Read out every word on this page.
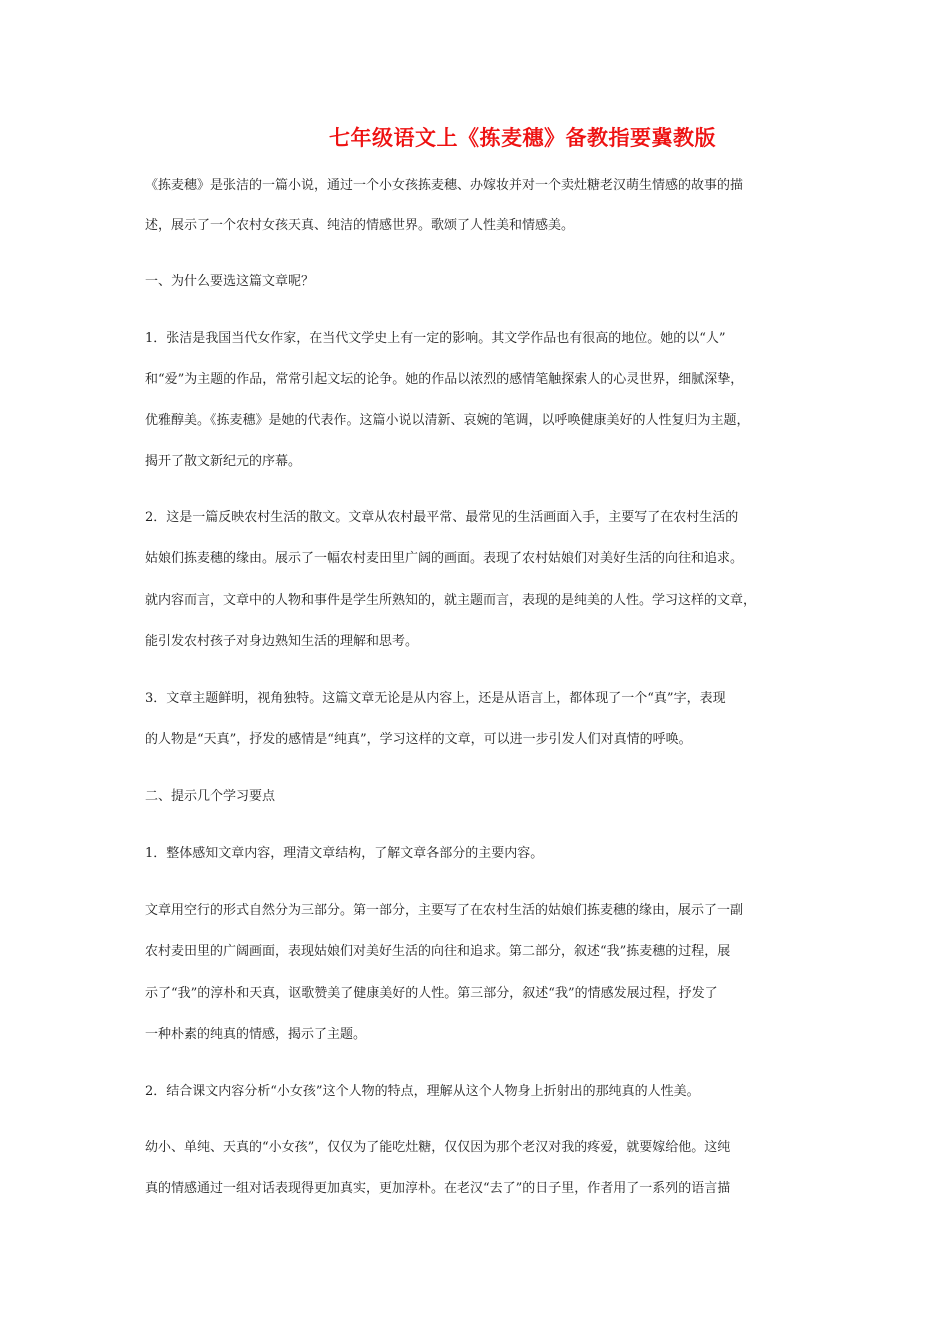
七年级语文上《拣麦穗》备教指要冀教版
《拣麦穗》是张洁的一篇小说，通过一个小女孩拣麦穗、办嫁妆并对一个卖灶糖老汉萌生情感的故事的描
述，展示了一个农村女孩天真、纯洁的情感世界。歌颂了人性美和情感美。
一、为什么要选这篇文章呢？
1．张洁是我国当代女作家，在当代文学史上有一定的影响。其文学作品也有很高的地位。她的以“人”
和“爱”为主题的作品，常常引起文坛的论争。她的作品以浓烈的感情笔触探索人的心灵世界，细腻深挚，
优雅醇美。《拣麦穗》是她的代表作。这篇小说以清新、哀婉的笔调，以呼唤健康美好的人性复归为主题，
揭开了散文新纪元的序幕。
2．这是一篇反映农村生活的散文。文章从农村最平常、最常见的生活画面入手，主要写了在农村生活的
姑娘们拣麦穗的缘由。展示了一幅农村麦田里广阔的画面。表现了农村姑娘们对美好生活的向往和追求。
就内容而言，文章中的人物和事件是学生所熟知的，就主题而言，表现的是纯美的人性。学习这样的文章，
能引发农村孩子对身边熟知生活的理解和思考。
3．文章主题鲜明，视角独特。这篇文章无论是从内容上，还是从语言上，都体现了一个“真”字，表现
的人物是“天真”，抒发的感情是“纯真”，学习这样的文章，可以进一步引发人们对真情的呼唤。
二、提示几个学习要点
1．整体感知文章内容，理清文章结构，了解文章各部分的主要内容。
文章用空行的形式自然分为三部分。第一部分，主要写了在农村生活的姑娘们拣麦穗的缘由，展示了一副
农村麦田里的广阔画面，表现姑娘们对美好生活的向往和追求。第二部分，叙述“我”拣麦穗的过程，展
示了“我”的淳朴和天真，讴歌赞美了健康美好的人性。第三部分，叙述“我”的情感发展过程，抒发了
一种朴素的纯真的情感，揭示了主题。
2．结合课文内容分析“小女孩”这个人物的特点，理解从这个人物身上折射出的那纯真的人性美。
幼小、单纯、天真的“小女孩”，仅仅为了能吃灶糖，仅仅因为那个老汉对我的疼爱，就要嫁给他。这纯
真的情感通过一组对话表现得更加真实，更加淳朴。在老汉“去了”的日子里，作者用了一系列的语言描
